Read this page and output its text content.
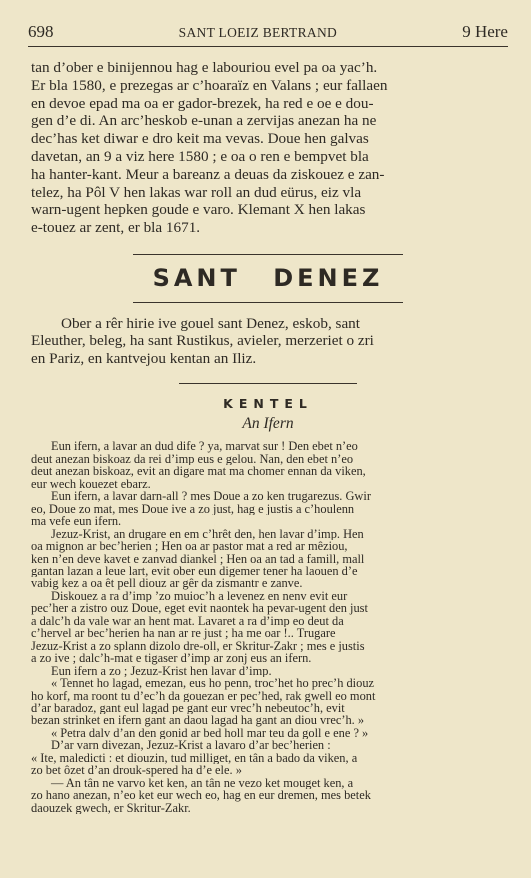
698	SANT LOEIZ BERTRAND	9 Here
tan d’ober e binijennou hag e labouriou evel pa oa yac’h.
Er bla 1580, e prezegas ar c’hoaraïz en Valans ; eur fallaen
en devoe epad ma oa er gador-brezek, ha red e oe e dou-
gen d’e di. An arc’heskob e-unan a zervijas anezan ha ne
dec’has ket diwar e dro keit ma vevas. Doue hen galvas
davetan, an 9 a viz here 1580 ; e oa o ren e bempvet bla
ha hanter-kant. Meur a bareanz a deuas da ziskouez e zan-
telez, ha Pôl V hen lakas war roll an dud eürus, eiz vla
warn-ugent hepken goude e varo. Klemant X hen lakas
e-touez ar zent, er bla 1671.
SANT DENEZ
Ober a rêr hirie ive gouel sant Denez, eskob, sant
Eleuther, beleg, ha sant Rustikus, avieler, merzeriet o zri
en Pariz, en kantvejou kentan an Iliz.
KENTEL
An Ifern
Eun ifern, a lavar an dud dife ? ya, marvat sur ! Den ebet n’eo
deut anezan biskoaz da rei d’imp eus e gelou. Nan, den ebet n’eo
deut anezan biskoaz, evit an digare mat ma chomer ennan da viken,
eur wech kouezet ebarz.
Eun ifern, a lavar darn-all ? mes Doue a zo ken trugarezus. Gwir
eo, Doue zo mat, mes Doue ive a zo just, hag e justis a c’houlenn
ma vefe eun ifern.
Jezuz-Krist, an drugare en em c’hrêt den, hen lavar d’imp. Hen
oa mignon ar bec’herien ; Hen oa ar pastor mat a red ar mêziou,
ken n’en deve kavet e zanvad diankel ; Hen oa an tad a famill, mall
gantan lazan a leue lart, evit ober eun digemer tener ha laouen d’e
vabig kez a oa êt pell diouz ar gêr da zismantr e zanve.
Diskouez a ra d’imp ’zo muioc’h a levenez en nenv evit eur
pec’her a zistro ouz Doue, eget evit naontek ha pevar-ugent den just
a dalc’h da vale war an hent mat. Lavaret a ra d’imp eo deut da
c’hervel ar bec’herien ha nan ar re just ; ha me oar !.. Trugare
Jezuz-Krist a zo splann dizolo dre-oll, er Skritur-Zakr ; mes e justis
a zo ive ; dalc’h-mat e tigaser d’imp ar zonj eus an ifern.
Eun ifern a zo ; Jezuz-Krist hen lavar d’imp.
« Tennet ho lagad, emezan, eus ho penn, troc’het ho prec’h diouz
ho korf, ma roont tu d’ec’h da gouezan er pec’hed, rak gwell eo mont
d’ar baradoz, gant eul lagad pe gant eur vrec’h nebeutoc’h, evit
bezan strinket en ifern gant an daou lagad ha gant an diou vrec’h. »
« Petra dalv d’an den gonid ar bed holl mar teu da goll e ene ? »
D’ar varn divezan, Jezuz-Krist a lavaro d’ar bec’herien :
« Ite, maledicti : et diouzin, tud milliget, en tân a bado da viken, a
zo bet ôzet d’an drouk-spered ha d’e ele. »
— An tân ne varvo ket ken, an tân ne vezo ket mouget ken, a
zo hano anezan, n’eo ket eur wech eo, hag en eur dremen, mes betek
daouzek gwech, er Skritur-Zakr.
